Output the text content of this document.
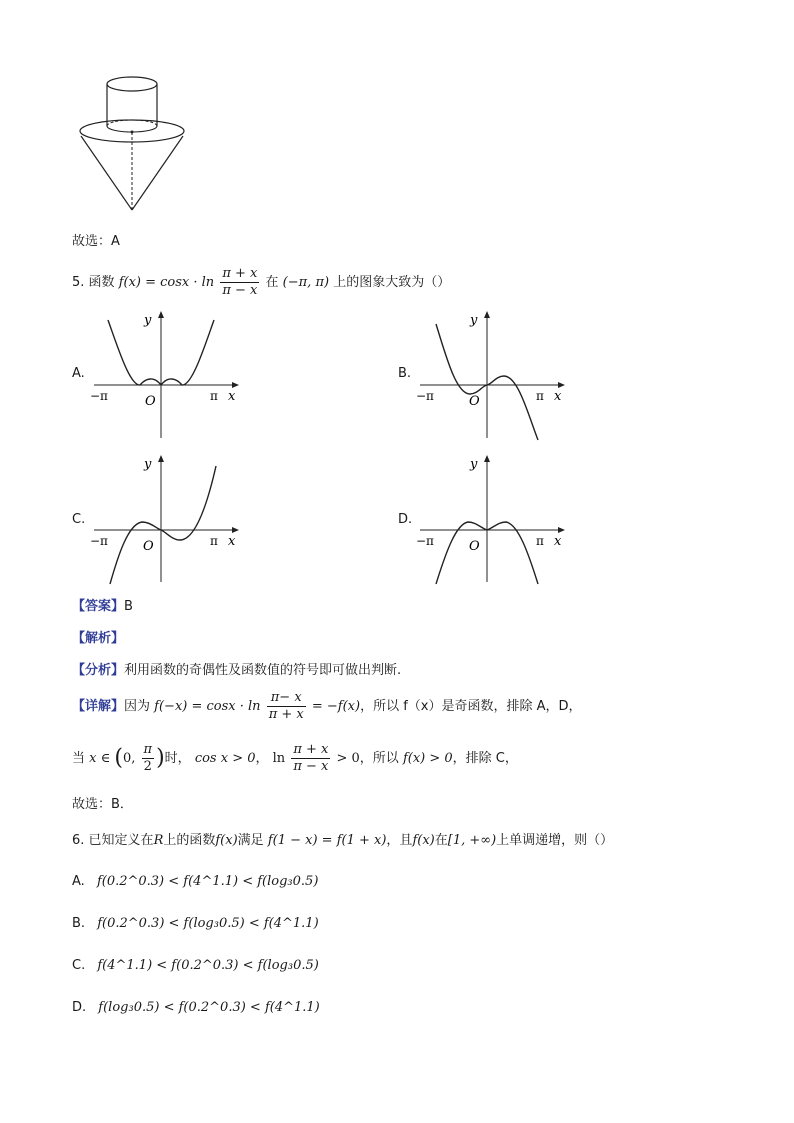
故选：A
5. 函数 $f(x) = \cos x \cdot \ln \frac{\pi + x}{\pi - x}$ 在 (−π, π) 上的图象大致为（）
A.
y
x
O
−π	π
B.
y
x
O
−π	π
C.
y
x
O
−π	π
D.
y
x
O
−π	π
【答案】B
【解析】
【分析】利用函数的奇偶性及函数值的符号即可做出判断.
【详解】因为 $f(-x) = \cos x \cdot \ln \frac{\pi- x}{\pi + x} = -f(x)$，所以 f（x）是奇函数，排除 A，D，
当 x ∈ (0, $\frac{\pi}{2}$ )时， cos x > 0， $\ln \frac{\pi + x}{\pi - x} > 0$，所以 f(x) > 0，排除 C，
故选：B．
6. 已知定义在R上的函数f(x)满足 f(1 − x) = f(1 + x)，且f(x)在[1, +∞)上单调递增，则（）
A. f(0.2^0.3) < f(4^1.1) < f(log₃0.5)
B. f(0.2^0.3) < f(log₃0.5) < f(4^1.1)
C. f(4^1.1) < f(0.2^0.3) < f(log₃0.5)
D. f(log₃0.5) < f(0.2^0.3) < f(4^1.1)
